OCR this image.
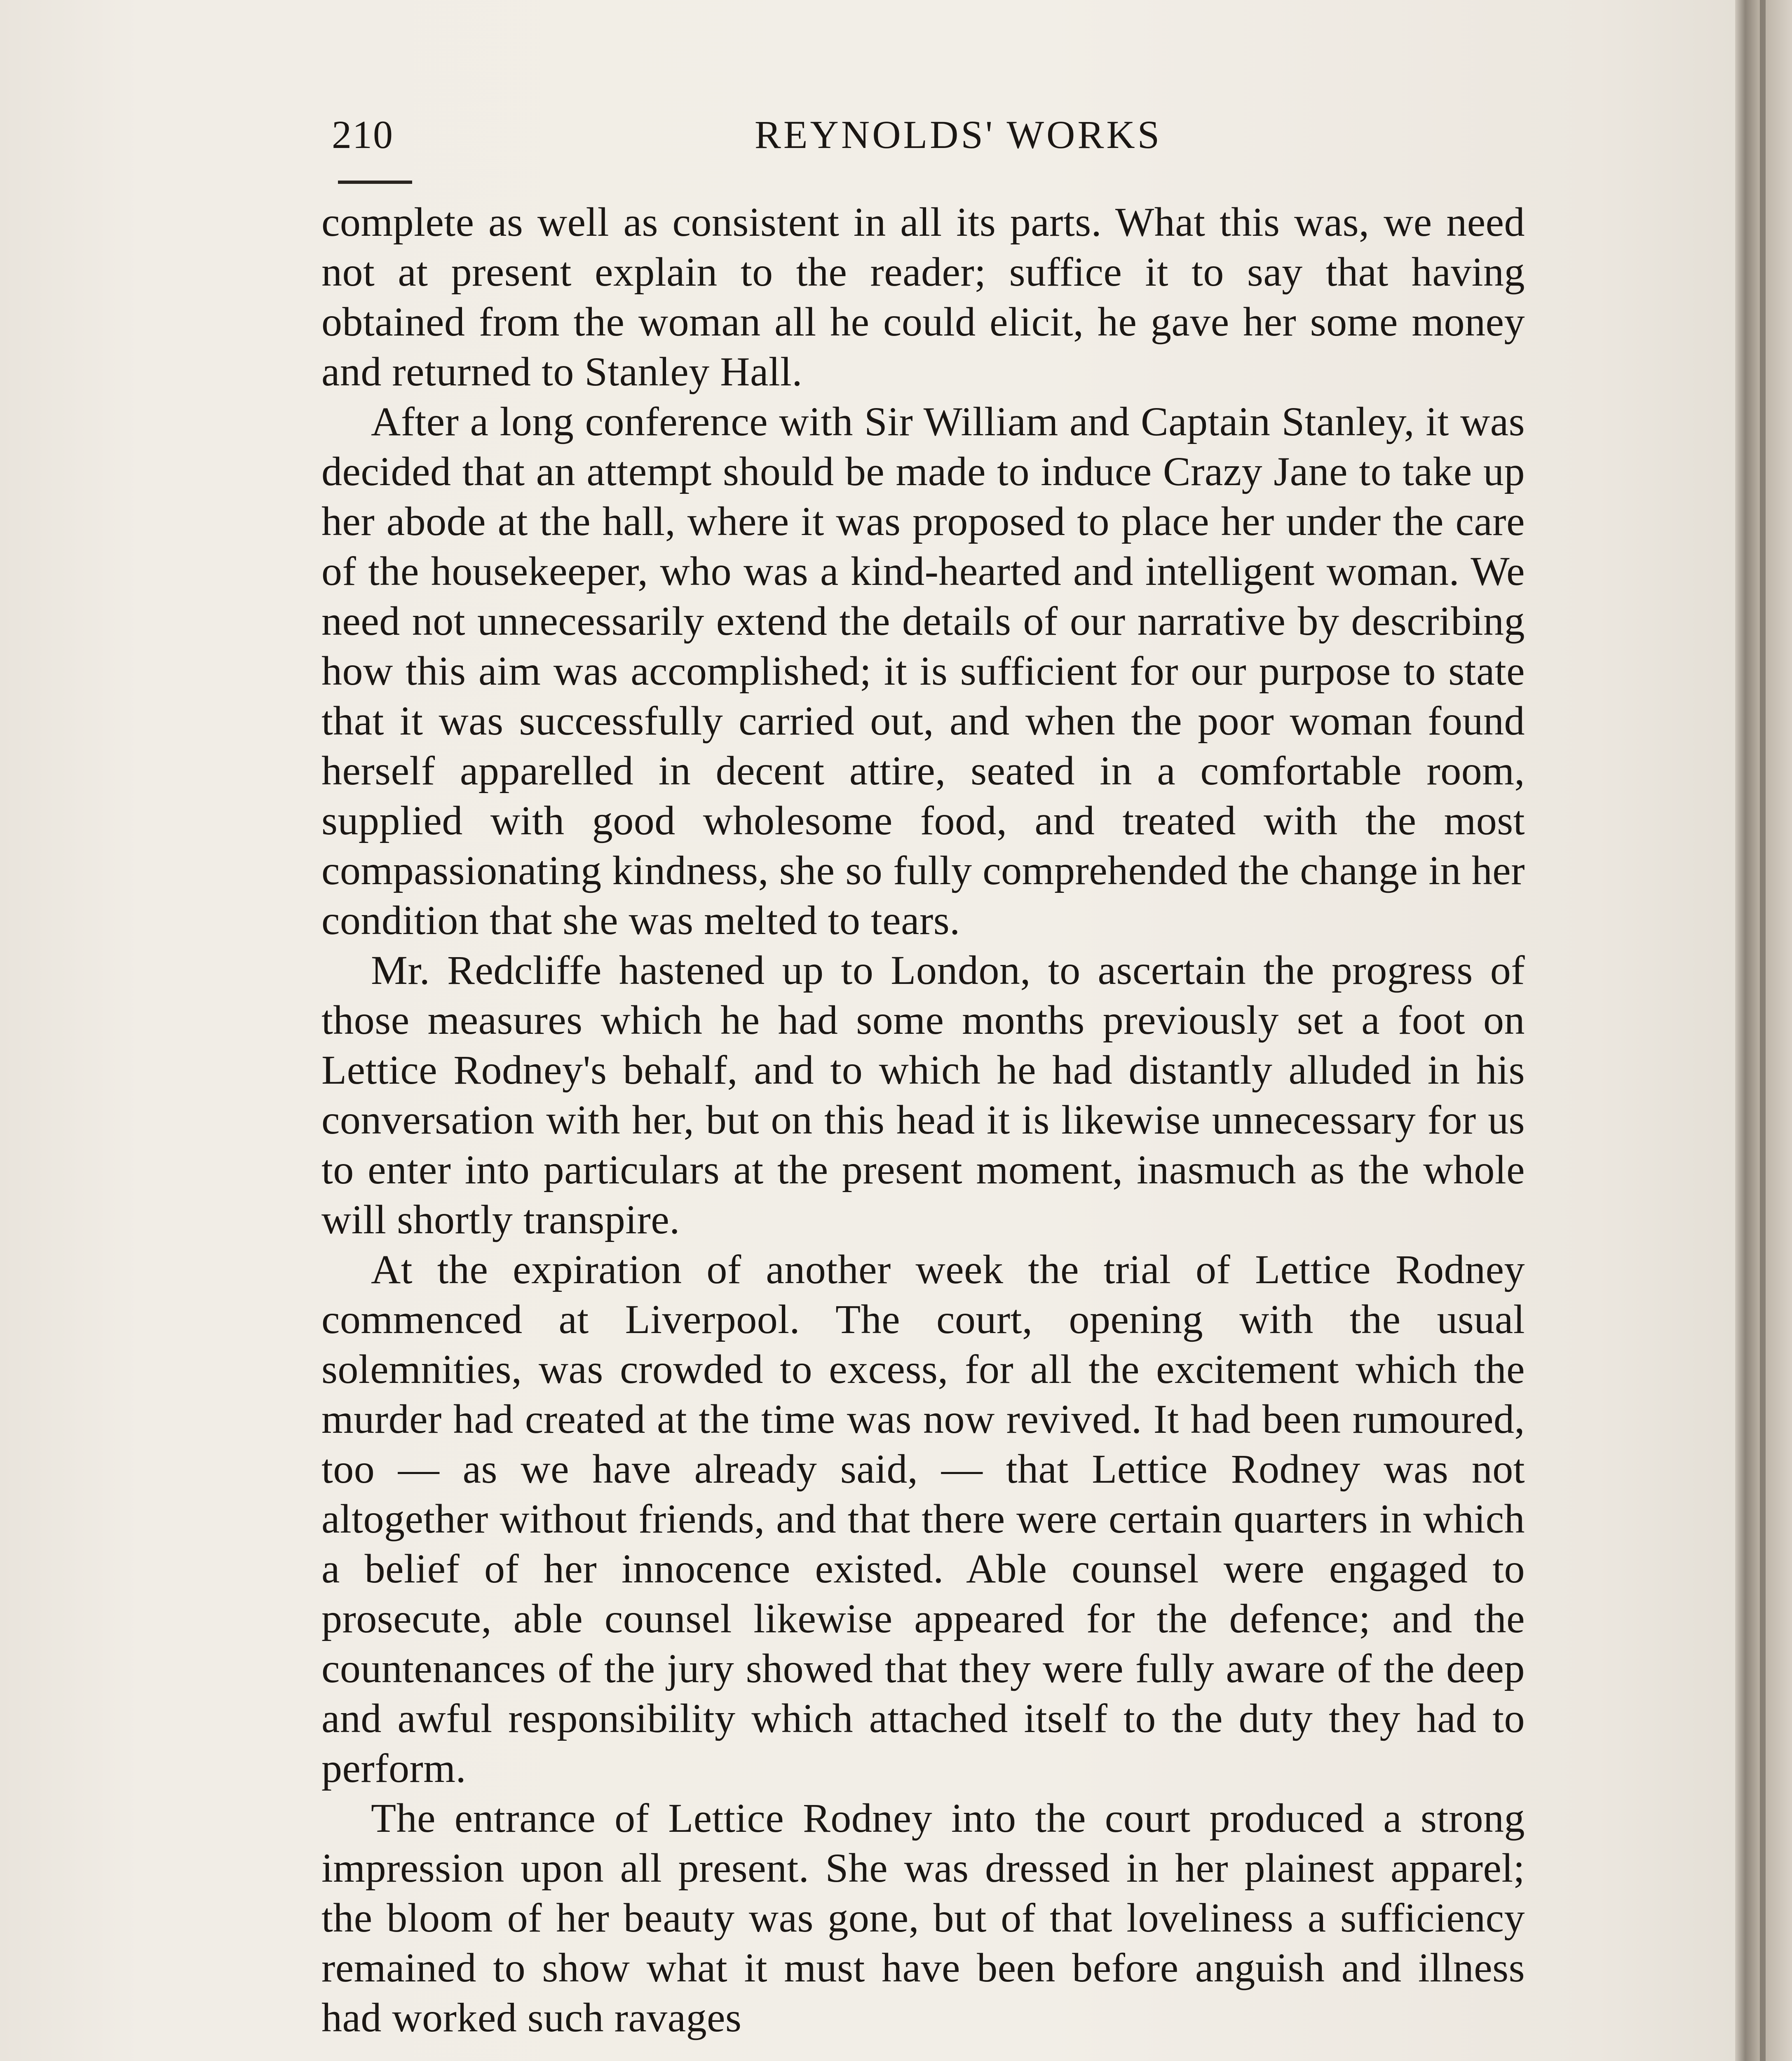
210	REYNOLDS' WORKS

complete as well as consistent in all its parts. What this was, we need not at present explain to the reader; suffice it to say that having obtained from the woman all he could elicit, he gave her some money and returned to Stanley Hall.

After a long conference with Sir William and Captain Stanley, it was decided that an attempt should be made to induce Crazy Jane to take up her abode at the hall, where it was proposed to place her under the care of the housekeeper, who was a kind-hearted and intelligent woman. We need not unnecessarily extend the details of our narrative by describing how this aim was accomplished; it is sufficient for our purpose to state that it was successfully carried out, and when the poor woman found herself apparelled in decent attire, seated in a comfortable room, supplied with good wholesome food, and treated with the most compassionating kindness, she so fully comprehended the change in her condition that she was melted to tears.

Mr. Redcliffe hastened up to London, to ascertain the progress of those measures which he had some months previously set a foot on Lettice Rodney's behalf, and to which he had distantly alluded in his conversation with her, but on this head it is likewise unnecessary for us to enter into particulars at the present moment, inasmuch as the whole will shortly transpire.

At the expiration of another week the trial of Lettice Rodney commenced at Liverpool. The court, opening with the usual solemnities, was crowded to excess, for all the excitement which the murder had created at the time was now revived. It had been rumoured, too — as we have already said, — that Lettice Rodney was not altogether without friends, and that there were certain quarters in which a belief of her innocence existed. Able counsel were engaged to prosecute, able counsel likewise appeared for the defence; and the countenances of the jury showed that they were fully aware of the deep and awful responsibility which attached itself to the duty they had to perform.

The entrance of Lettice Rodney into the court produced a strong impression upon all present. She was dressed in her plainest apparel; the bloom of her beauty was gone, but of that loveliness a sufficiency remained to show what it must have been before anguish and illness had worked such ravages
